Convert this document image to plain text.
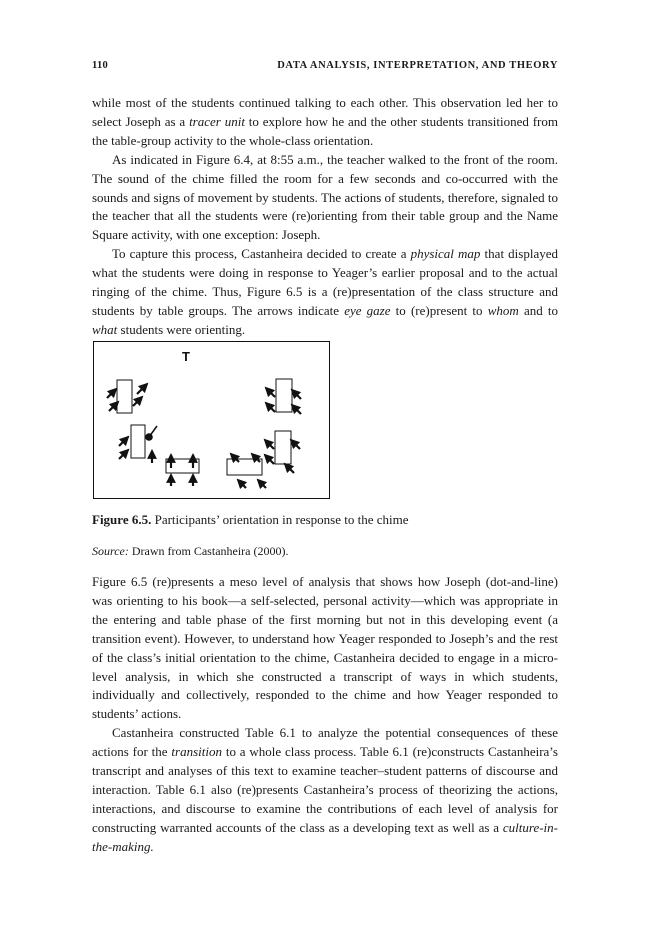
110	DATA ANALYSIS, INTERPRETATION, AND THEORY

while most of the students continued talking to each other. This observation led her to select Joseph as a tracer unit to explore how he and the other students transitioned from the table-group activity to the whole-class orientation.

As indicated in Figure 6.4, at 8:55 a.m., the teacher walked to the front of the room. The sound of the chime filled the room for a few seconds and co-occurred with the sounds and signs of movement by students. The actions of students, therefore, signaled to the teacher that all the students were (re)orienting from their table group and the Name Square activity, with one exception: Joseph.

To capture this process, Castanheira decided to create a physical map that displayed what the students were doing in response to Yeager’s earlier proposal and to the actual ringing of the chime. Thus, Figure 6.5 is a (re)presentation of the class structure and students by table groups. The arrows indicate eye gaze to (re)present to whom and to what students were orienting.

T
Figure 6.5. Participants’ orientation in response to the chime
Source: Drawn from Castanheira (2000).

Figure 6.5 (re)presents a meso level of analysis that shows how Joseph (dot-and-line) was orienting to his book—a self-selected, personal activity—which was appropriate in the entering and table phase of the first morning but not in this developing event (a transition event). However, to understand how Yeager responded to Joseph’s and the rest of the class’s initial orientation to the chime, Castanheira decided to engage in a micro-level analysis, in which she constructed a transcript of ways in which students, individually and collectively, responded to the chime and how Yeager responded to students’ actions.

Castanheira constructed Table 6.1 to analyze the potential consequences of these actions for the transition to a whole class process. Table 6.1 (re)constructs Castanheira’s transcript and analyses of this text to examine teacher–student patterns of discourse and interaction. Table 6.1 also (re)presents Castanheira’s process of theorizing the actions, interactions, and discourse to examine the contributions of each level of analysis for constructing warranted accounts of the class as a developing text as well as a culture-in-the-making.
